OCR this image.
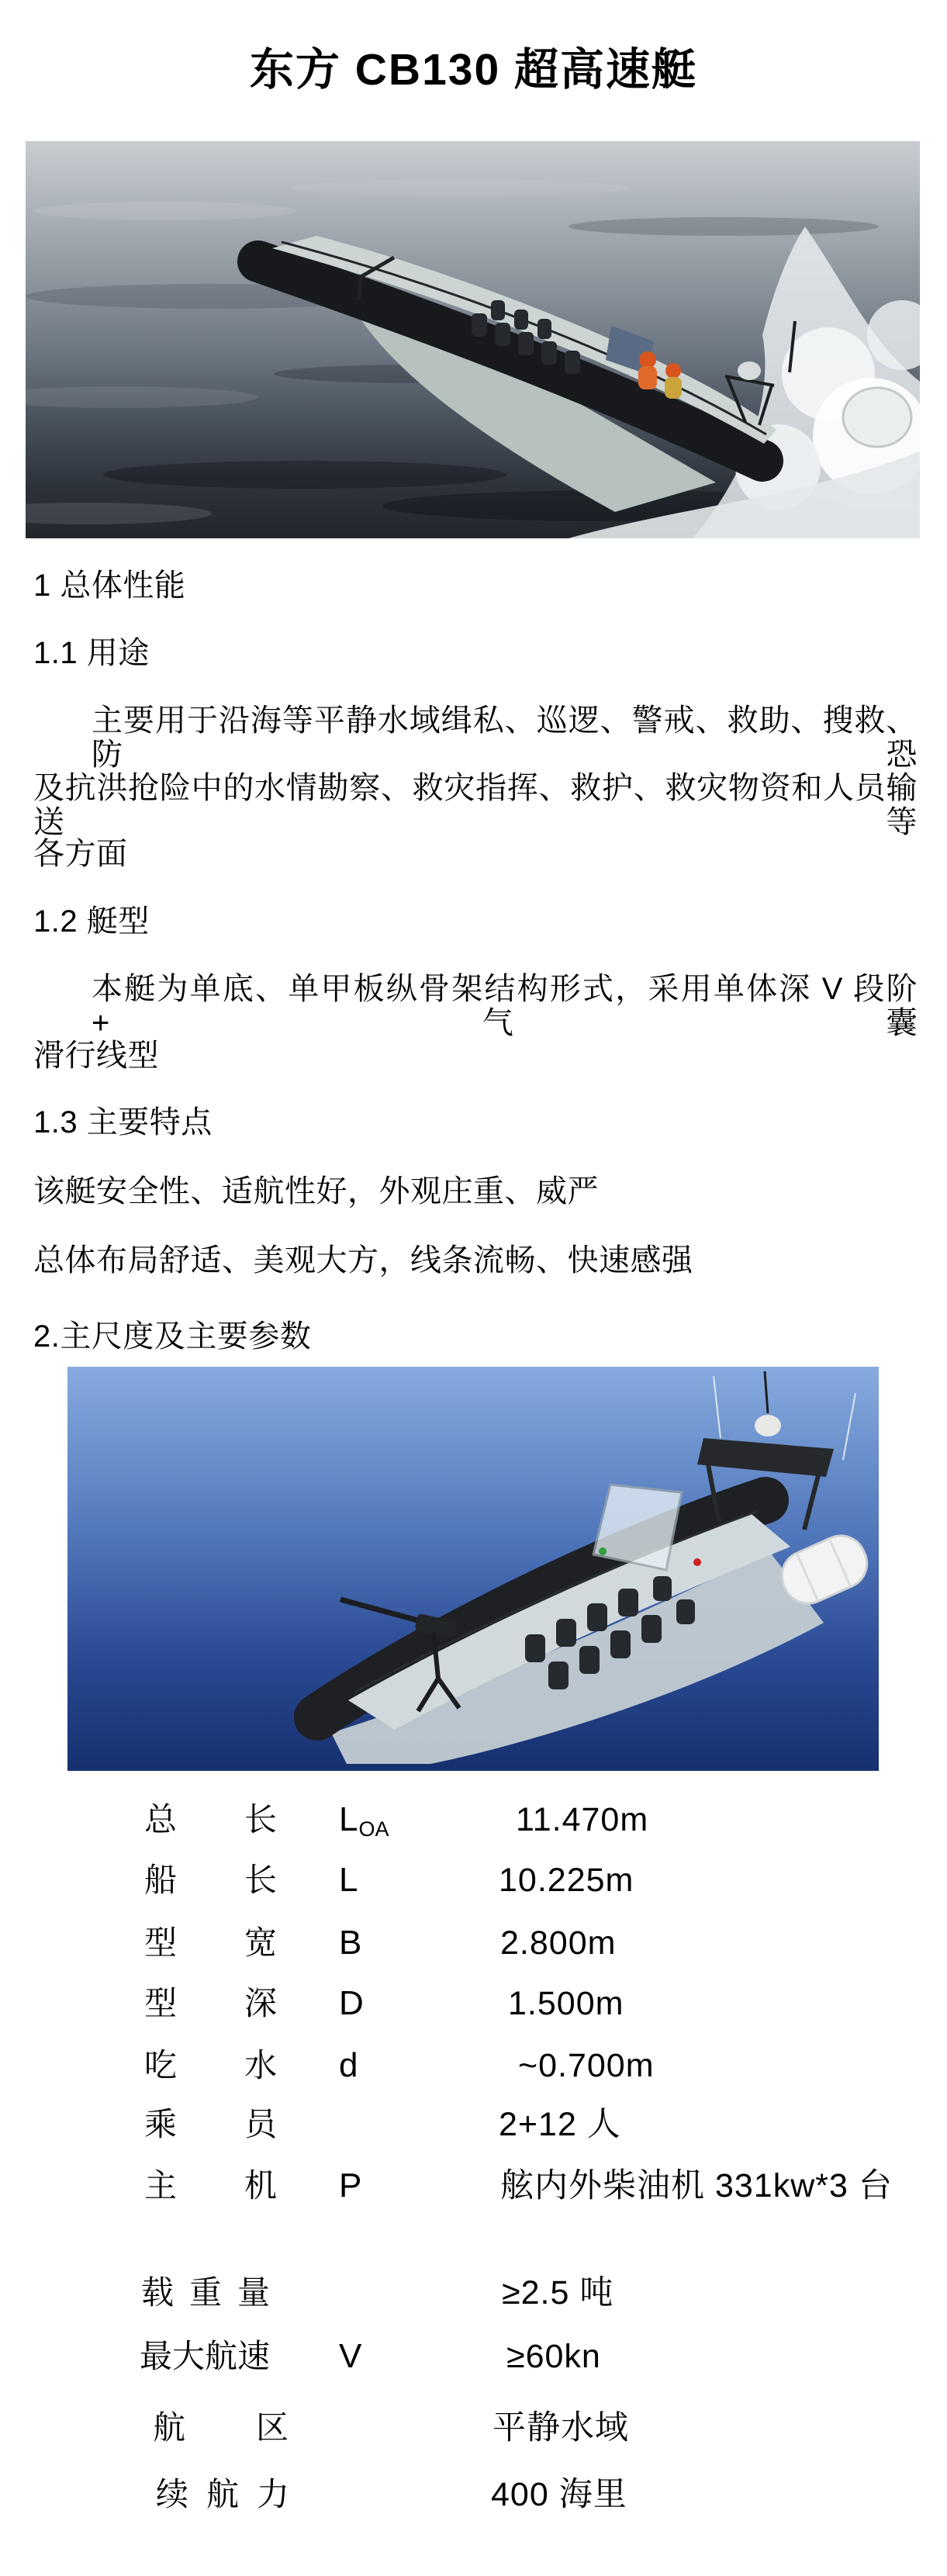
东方 CB130 超高速艇
1 总体性能
1.1 用途
主要用于沿海等平静水域缉私、巡逻、警戒、救助、搜救、防恐
及抗洪抢险中的水情勘察、救灾指挥、救护、救灾物资和人员输送等
各方面
1.2 艇型
本艇为单底、单甲板纵骨架结构形式，采用单体深 V 段阶+气囊
滑行线型
1.3 主要特点
该艇安全性、适航性好，外观庄重、威严
总体布局舒适、美观大方，线条流畅、快速感强
2.主尺度及主要参数
总 长 LOA	11.470m
船 长 L	10.225m
型 宽 B	2.800m
型 深 D	1.500m
吃 水 d	~0.700m
乘 员	2+12 人
主 机 P	舷内外柴油机 331kw*3 台
载 重 量	≥2.5 吨
最 大 航 速 V	≥60kn
航 区	平静水域
续 航 力	400 海里
